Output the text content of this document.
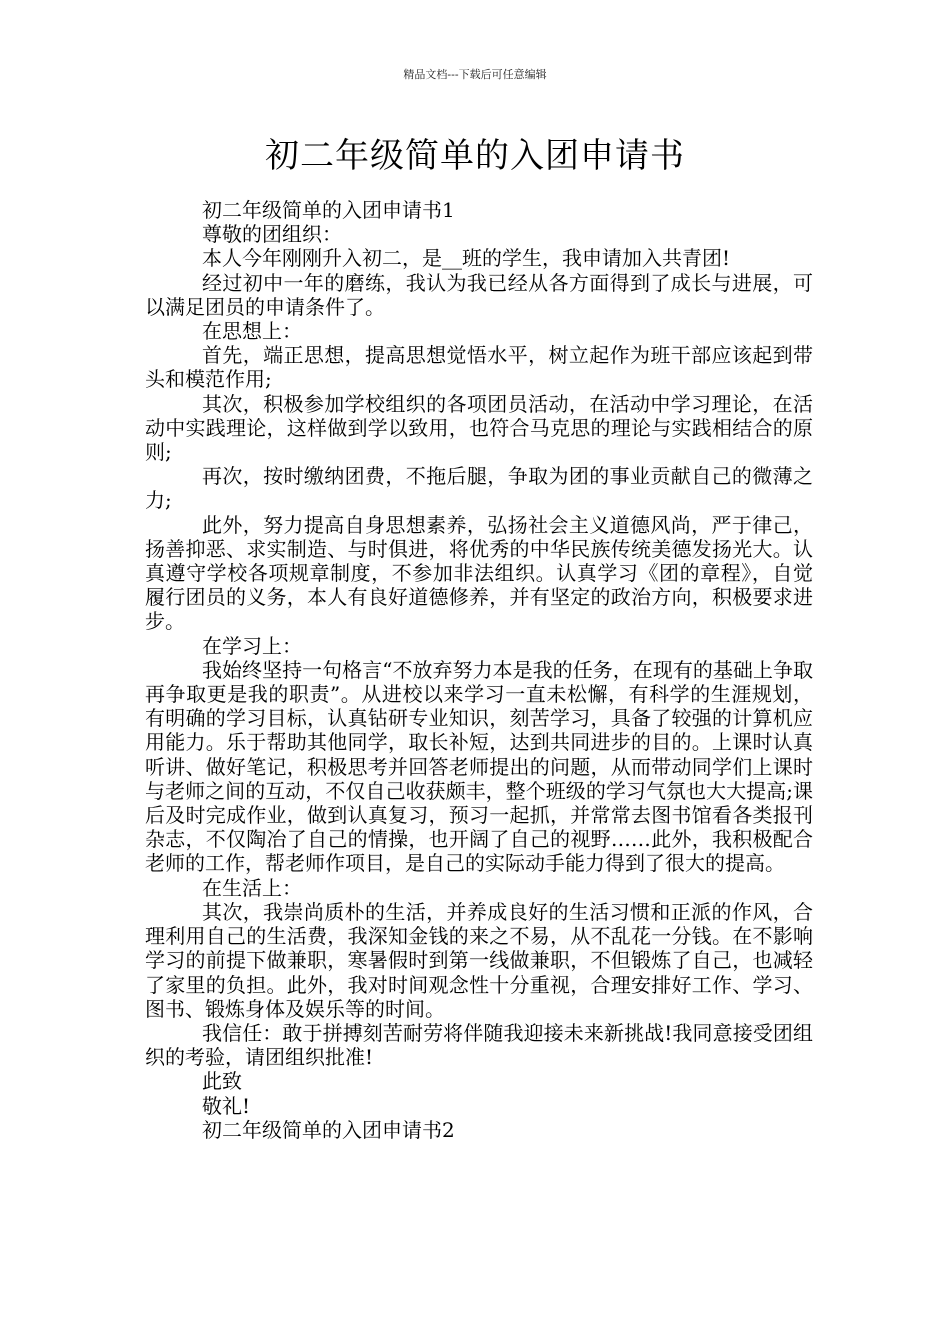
精品文档---下载后可任意编辑
初二年级简单的入团申请书

初二年级简单的入团申请书1

尊敬的团组织：

本人今年刚刚升入初二，是__班的学生，我申请加入共青团!

经过初中一年的磨练，我认为我已经从各方面得到了成长与进展，可以满足团员的申请条件了。

在思想上：

首先，端正思想，提高思想觉悟水平，树立起作为班干部应该起到带头和模范作用;

其次，积极参加学校组织的各项团员活动，在活动中学习理论，在活动中实践理论，这样做到学以致用，也符合马克思的理论与实践相结合的原则;

再次，按时缴纳团费，不拖后腿，争取为团的事业贡献自己的微薄之力;

此外，努力提高自身思想素养，弘扬社会主义道德风尚，严于律己，扬善抑恶、求实制造、与时俱进，将优秀的中华民族传统美德发扬光大。认真遵守学校各项规章制度，不参加非法组织。认真学习《团的章程》，自觉履行团员的义务，本人有良好道德修养，并有坚定的政治方向，积极要求进步。

在学习上：

我始终坚持一句格言“不放弃努力本是我的任务，在现有的基础上争取再争取更是我的职责”。从进校以来学习一直未松懈，有科学的生涯规划，有明确的学习目标，认真钻研专业知识，刻苦学习，具备了较强的计算机应用能力。乐于帮助其他同学，取长补短，达到共同进步的目的。上课时认真听讲、做好笔记，积极思考并回答老师提出的问题，从而带动同学们上课时与老师之间的互动，不仅自己收获颇丰，整个班级的学习气氛也大大提高;课后及时完成作业，做到认真复习，预习一起抓，并常常去图书馆看各类报刊杂志，不仅陶冶了自己的情操，也开阔了自己的视野……此外，我积极配合老师的工作，帮老师作项目，是自己的实际动手能力得到了很大的提高。

在生活上：

其次，我崇尚质朴的生活，并养成良好的生活习惯和正派的作风，合理利用自己的生活费，我深知金钱的来之不易，从不乱花一分钱。在不影响学习的前提下做兼职，寒暑假时到第一线做兼职，不但锻炼了自己，也减轻了家里的负担。此外，我对时间观念性十分重视，合理安排好工作、学习、图书、锻炼身体及娱乐等的时间。

我信任：敢于拼搏刻苦耐劳将伴随我迎接未来新挑战!我同意接受团组织的考验，请团组织批准!

此致

敬礼!

初二年级简单的入团申请书2
